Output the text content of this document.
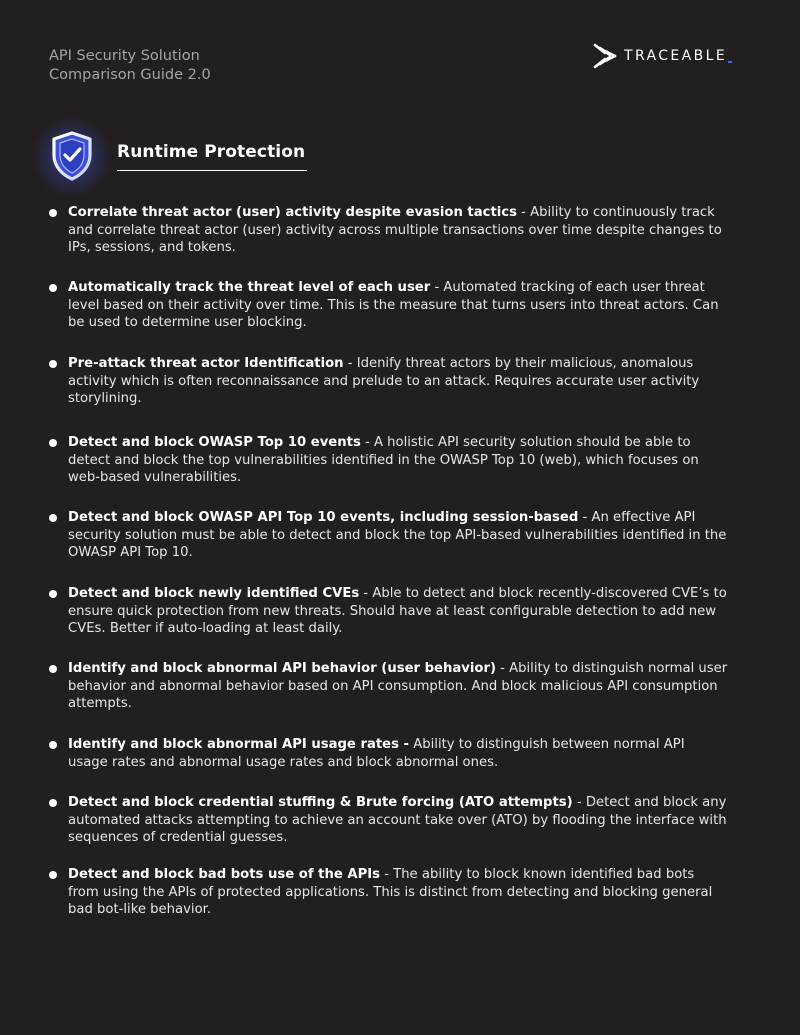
API Security Solution
Comparison Guide 2.0
TRACEABLE
Runtime Protection
Correlate threat actor (user) activity despite evasion tactics - Ability to continuously track and correlate threat actor (user) activity across multiple transactions over time despite changes to IPs, sessions, and tokens.
Automatically track the threat level of each user - Automated tracking of each user threat level based on their activity over time. This is the measure that turns users into threat actors. Can be used to determine user blocking.
Pre-attack threat actor Identification - Idenify threat actors by their malicious, anomalous activity which is often reconnaissance and prelude to an attack. Requires accurate user activity storylining.
Detect and block OWASP Top 10 events - A holistic API security solution should be able to detect and block the top vulnerabilities identified in the OWASP Top 10 (web), which focuses on web-based vulnerabilities.
Detect and block OWASP API Top 10 events, including session-based - An effective API security solution must be able to detect and block the top API-based vulnerabilities identified in the OWASP API Top 10.
Detect and block newly identified CVEs - Able to detect and block recently-discovered CVE’s to ensure quick protection from new threats. Should have at least configurable detection to add new CVEs. Better if auto-loading at least daily.
Identify and block abnormal API behavior (user behavior) - Ability to distinguish normal user behavior and abnormal behavior based on API consumption. And block malicious API consumption attempts.
Identify and block abnormal API usage rates - Ability to distinguish between normal API usage rates and abnormal usage rates and block abnormal ones.
Detect and block credential stuffing & Brute forcing (ATO attempts) - Detect and block any automated attacks attempting to achieve an account take over (ATO) by flooding the interface with sequences of credential guesses.
Detect and block bad bots use of the APIs - The ability to block known identified bad bots from using the APIs of protected applications. This is distinct from detecting and blocking general bad bot-like behavior.
